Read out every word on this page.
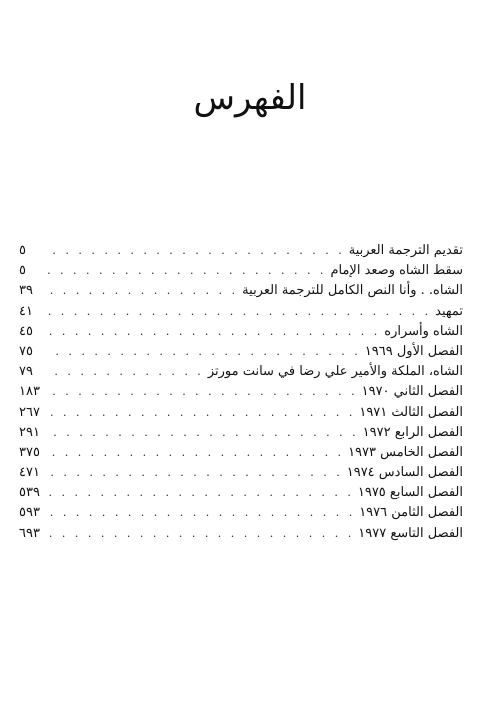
الفهرس
تقديم الترجمة العربية
. . .
٥
سقط الشاه وصعد الإمام
. . .
٥
الشاه. . وأنا النص الكامل للترجمة العربية
. . .
٣٩
تمهيد
. . .
٤١
الشاه وأسراره
. . .
٤٥
الفصل الأول ١٩٦٩
. . .
٧٥
الشاه، الملكة والأمير علي رضا في سانت مورتز
. . .
٧٩
الفصل الثاني ١٩٧٠
. . .
١٨٣
الفصل الثالث ١٩٧١
. . .
٢٦٧
الفصل الرابع ١٩٧٢
. . .
٢٩١
الفصل الخامس ١٩٧٣
. . .
٣٧٥
الفصل السادس ١٩٧٤
. . .
٤٧١
الفصل السابع ١٩٧٥
. . .
٥٣٩
الفصل الثامن ١٩٧٦
. . .
٥٩٣
الفصل التاسع ١٩٧٧
. . .
٦٩٣
